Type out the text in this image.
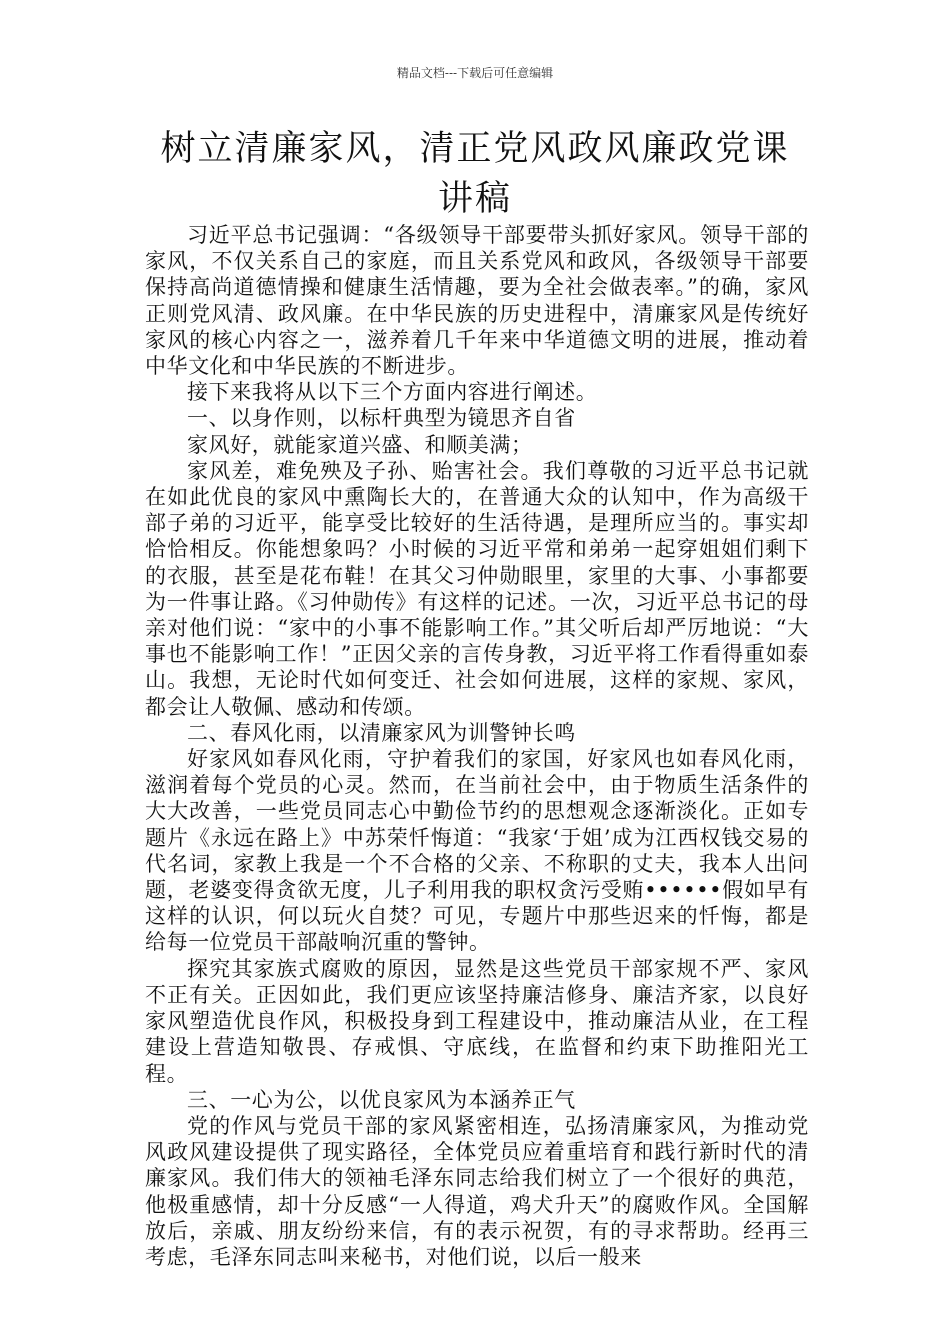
精品文档---下载后可任意编辑
树立清廉家风，清正党风政风廉政党课讲稿

习近平总书记强调：“各级领导干部要带头抓好家风。领导干部的家风，不仅关系自己的家庭，而且关系党风和政风，各级领导干部要保持高尚道德情操和健康生活情趣，要为全社会做表率。”的确，家风正则党风清、政风廉。在中华民族的历史进程中，清廉家风是传统好家风的核心内容之一，滋养着几千年来中华道德文明的进展，推动着中华文化和中华民族的不断进步。

接下来我将从以下三个方面内容进行阐述。

一、以身作则，以标杆典型为镜思齐自省

家风好，就能家道兴盛、和顺美满；

家风差，难免殃及子孙、贻害社会。我们尊敬的习近平总书记就在如此优良的家风中熏陶长大的，在普通大众的认知中，作为高级干部子弟的习近平，能享受比较好的生活待遇，是理所应当的。事实却恰恰相反。你能想象吗？小时候的习近平常和弟弟一起穿姐姐们剩下的衣服，甚至是花布鞋！在其父习仲勋眼里，家里的大事、小事都要为一件事让路。《习仲勋传》有这样的记述。一次，习近平总书记的母亲对他们说：“家中的小事不能影响工作。”其父听后却严厉地说：“大事也不能影响工作！”正因父亲的言传身教，习近平将工作看得重如泰山。我想，无论时代如何变迁、社会如何进展，这样的家规、家风，都会让人敬佩、感动和传颂。

二、春风化雨，以清廉家风为训警钟长鸣

好家风如春风化雨，守护着我们的家国，好家风也如春风化雨，滋润着每个党员的心灵。然而，在当前社会中，由于物质生活条件的大大改善，一些党员同志心中勤俭节约的思想观念逐渐淡化。正如专题片《永远在路上》中苏荣忏悔道：“我家‘于姐’成为江西权钱交易的代名词，家教上我是一个不合格的父亲、不称职的丈夫，我本人出问题，老婆变得贪欲无度，儿子利用我的职权贪污受贿••••••假如早有这样的认识，何以玩火自焚？可见，专题片中那些迟来的忏悔，都是给每一位党员干部敲响沉重的警钟。

探究其家族式腐败的原因，显然是这些党员干部家规不严、家风不正有关。正因如此，我们更应该坚持廉洁修身、廉洁齐家，以良好家风塑造优良作风，积极投身到工程建设中，推动廉洁从业，在工程建设上营造知敬畏、存戒惧、守底线，在监督和约束下助推阳光工程。

三、一心为公，以优良家风为本涵养正气

党的作风与党员干部的家风紧密相连，弘扬清廉家风，为推动党风政风建设提供了现实路径，全体党员应着重培育和践行新时代的清廉家风。我们伟大的领袖毛泽东同志给我们树立了一个很好的典范，他极重感情，却十分反感“一人得道，鸡犬升天”的腐败作风。全国解放后，亲戚、朋友纷纷来信，有的表示祝贺，有的寻求帮助。经再三考虑，毛泽东同志叫来秘书，对他们说，以后一般来
